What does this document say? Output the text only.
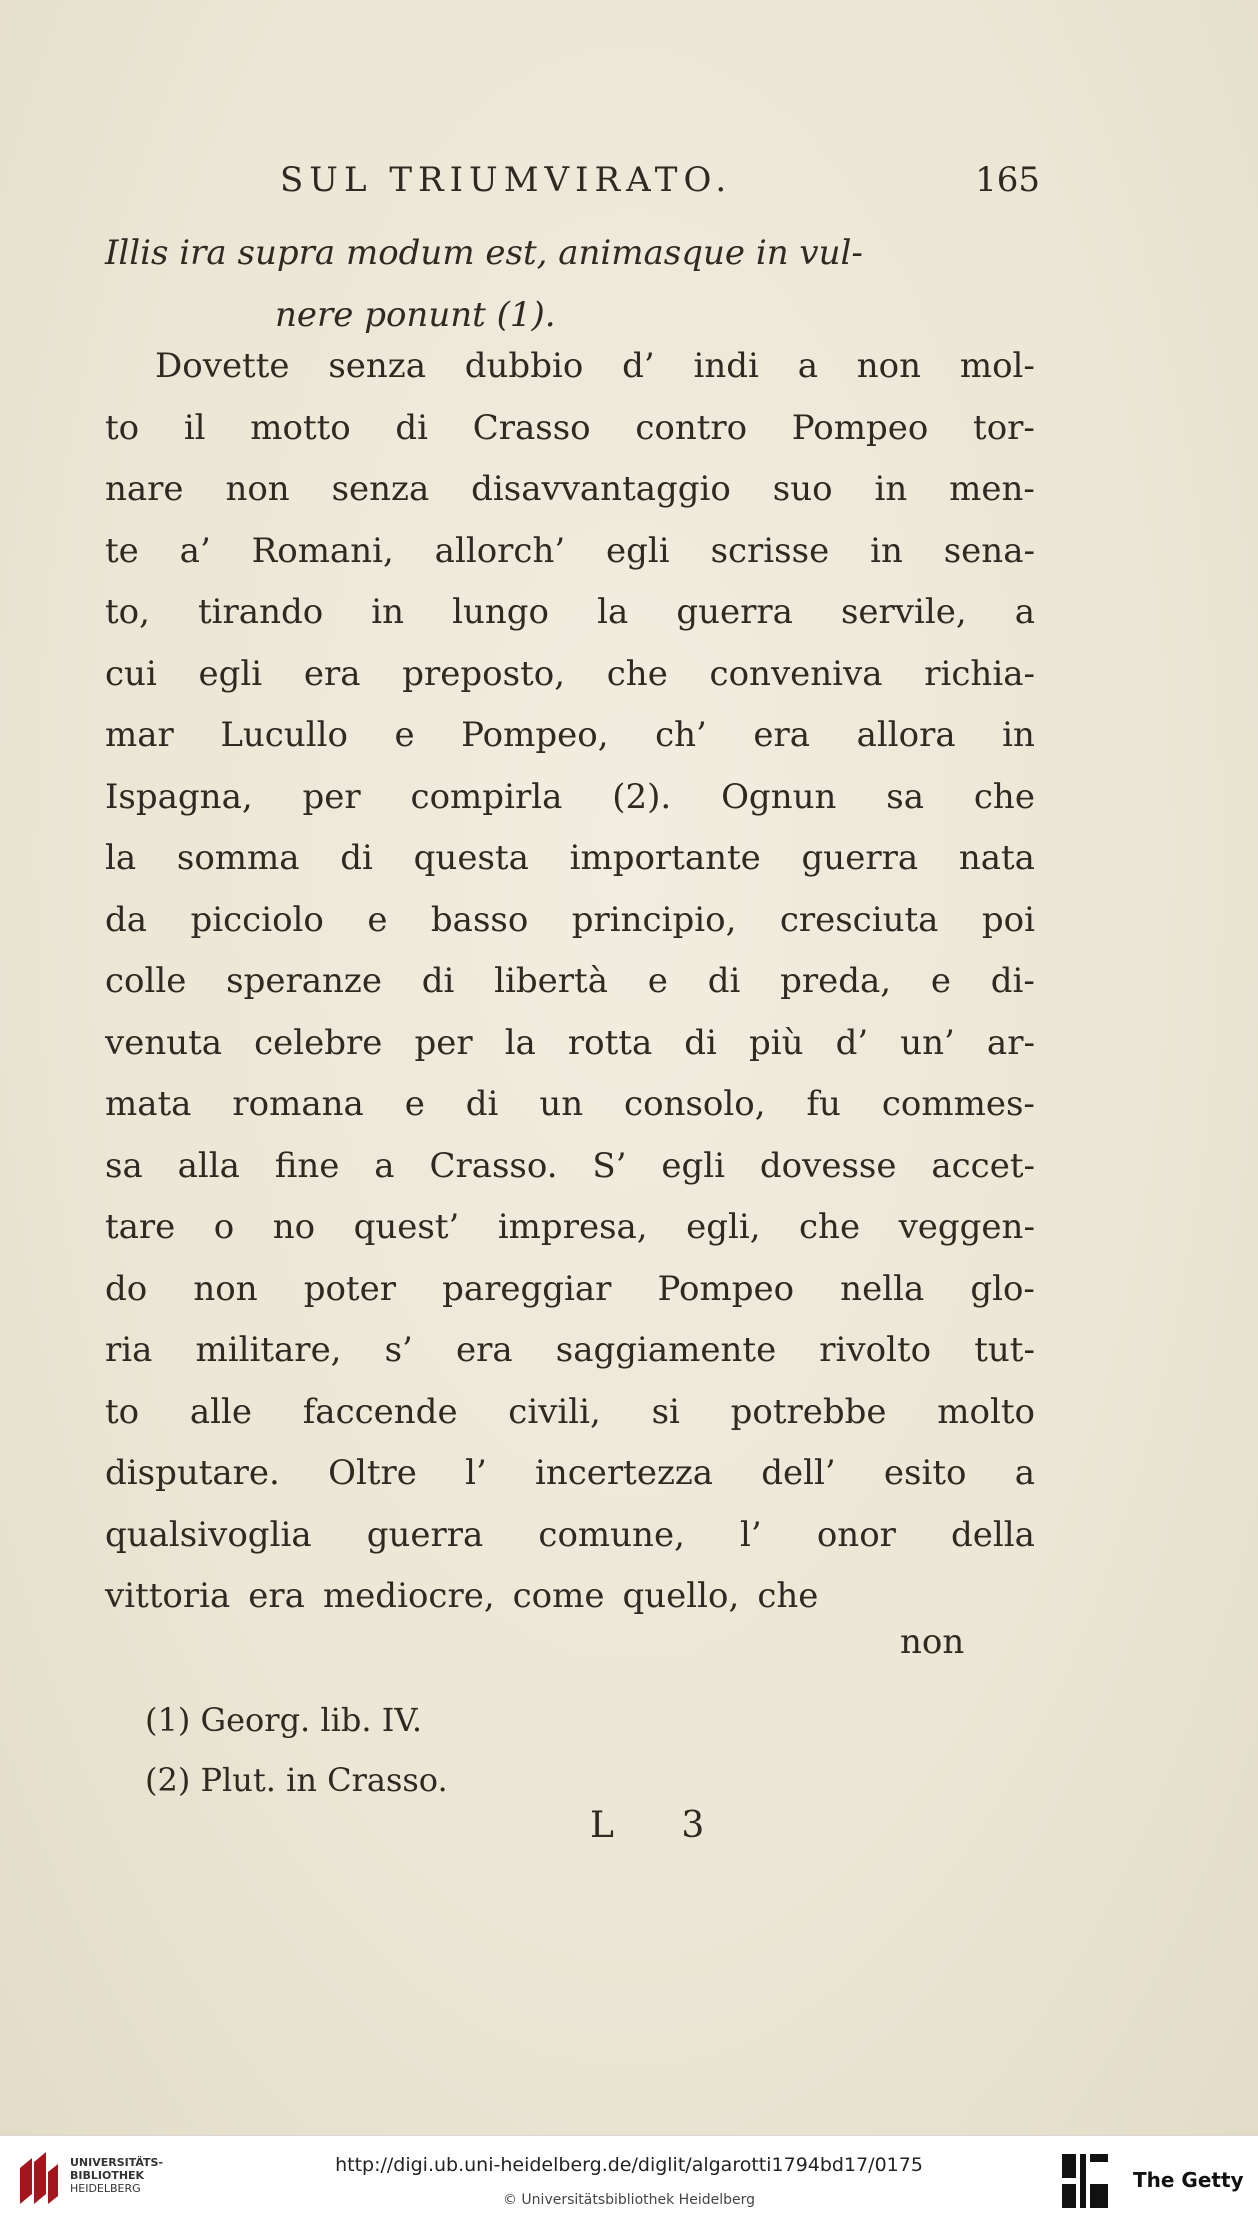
SUL TRIUMVIRATO.	165
Illis ira supra modum est, animasque in vul-
nere ponunt (1).
Dovette senza dubbio d’ indi a non mol-
to il motto di Crasso contro Pompeo tor-
nare non senza disavvantaggio suo in men-
te a’ Romani, allorch’ egli scrisse in sena-
to, tirando in lungo la guerra servile, a
cui egli era preposto, che conveniva richia-
mar Lucullo e Pompeo, ch’ era allora in
Ispagna, per compirla (2). Ognun sa che
la somma di questa importante guerra nata
da picciolo e basso principio, cresciuta poi
colle speranze di libertà e di preda, e di-
venuta celebre per la rotta di più d’ un’ ar-
mata romana e di un consolo, fu commes-
sa alla fine a Crasso. S’ egli dovesse accet-
tare o no quest’ impresa, egli, che veggen-
do non poter pareggiar Pompeo nella glo-
ria militare, s’ era saggiamente rivolto tut-
to alle faccende civili, si potrebbe molto
disputare. Oltre l’ incertezza dell’ esito a
qualsivoglia guerra comune, l’ onor della
vittoria era mediocre, come quello, che
non
(1) Georg. lib. IV.
(2) Plut. in Crasso.
L 3
UNIVERSITÄTS-
BIBLIOTHEK
HEIDELBERG
http://digi.ub.uni-heidelberg.de/diglit/algarotti1794bd17/0175
© Universitätsbibliothek Heidelberg
The Getty
